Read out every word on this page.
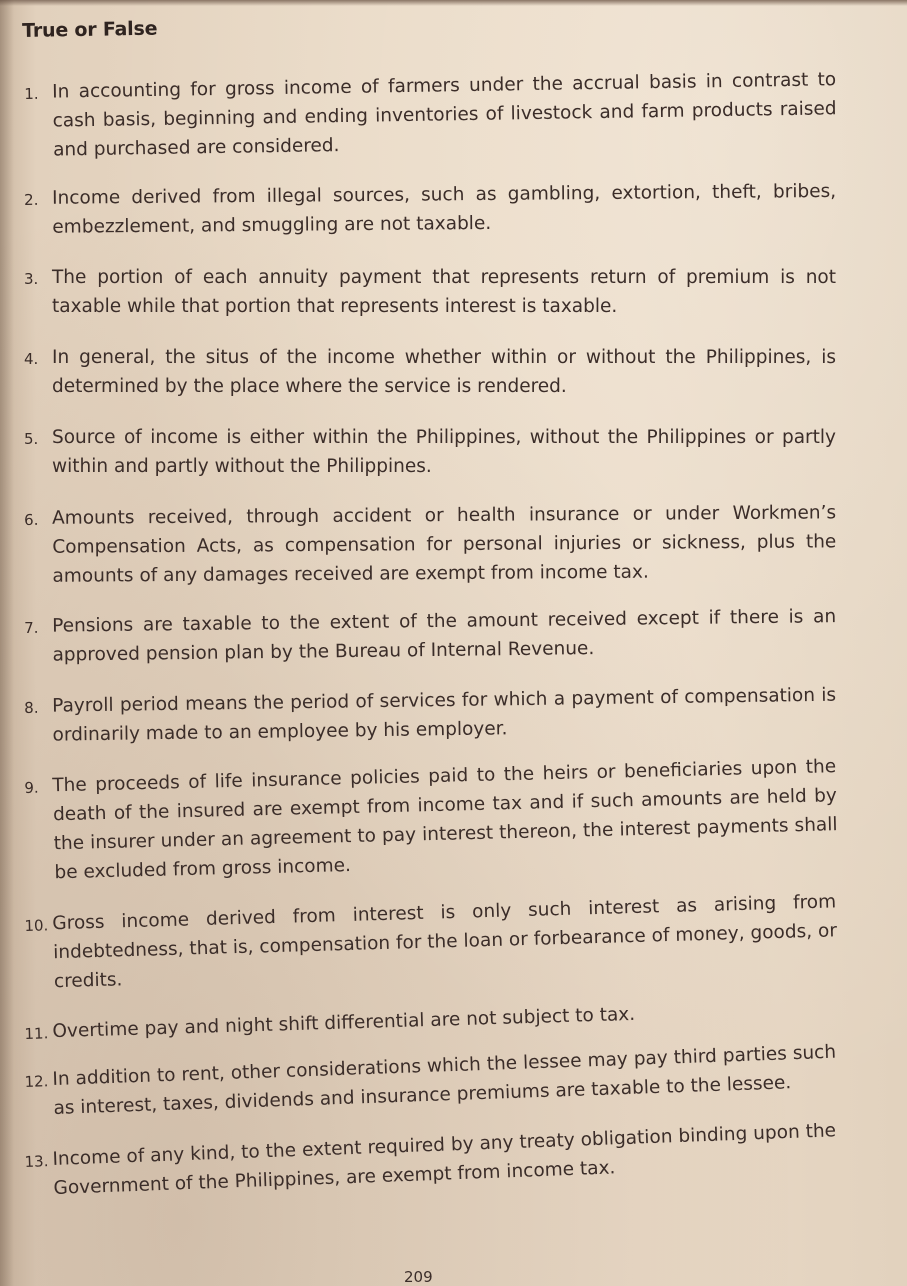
True or False
1. In accounting for gross income of farmers under the accrual basis in contrast to cash basis, beginning and ending inventories of livestock and farm products raised and purchased are considered.
2. Income derived from illegal sources, such as gambling, extortion, theft, bribes, embezzlement, and smuggling are not taxable.
3. The portion of each annuity payment that represents return of premium is not taxable while that portion that represents interest is taxable.
4. In general, the situs of the income whether within or without the Philippines, is determined by the place where the service is rendered.
5. Source of income is either within the Philippines, without the Philippines or partly within and partly without the Philippines.
6. Amounts received, through accident or health insurance or under Workmen’s Compensation Acts, as compensation for personal injuries or sickness, plus the amounts of any damages received are exempt from income tax.
7. Pensions are taxable to the extent of the amount received except if there is an approved pension plan by the Bureau of Internal Revenue.
8. Payroll period means the period of services for which a payment of compensation is ordinarily made to an employee by his employer.
9. The proceeds of life insurance policies paid to the heirs or beneficiaries upon the death of the insured are exempt from income tax and if such amounts are held by the insurer under an agreement to pay interest thereon, the interest payments shall be excluded from gross income.
10. Gross income derived from interest is only such interest as arising from indebtedness, that is, compensation for the loan or forbearance of money, goods, or credits.
11. Overtime pay and night shift differential are not subject to tax.
12. In addition to rent, other considerations which the lessee may pay third parties such as interest, taxes, dividends and insurance premiums are taxable to the lessee.
13. Income of any kind, to the extent required by any treaty obligation binding upon the Government of the Philippines, are exempt from income tax.
209
